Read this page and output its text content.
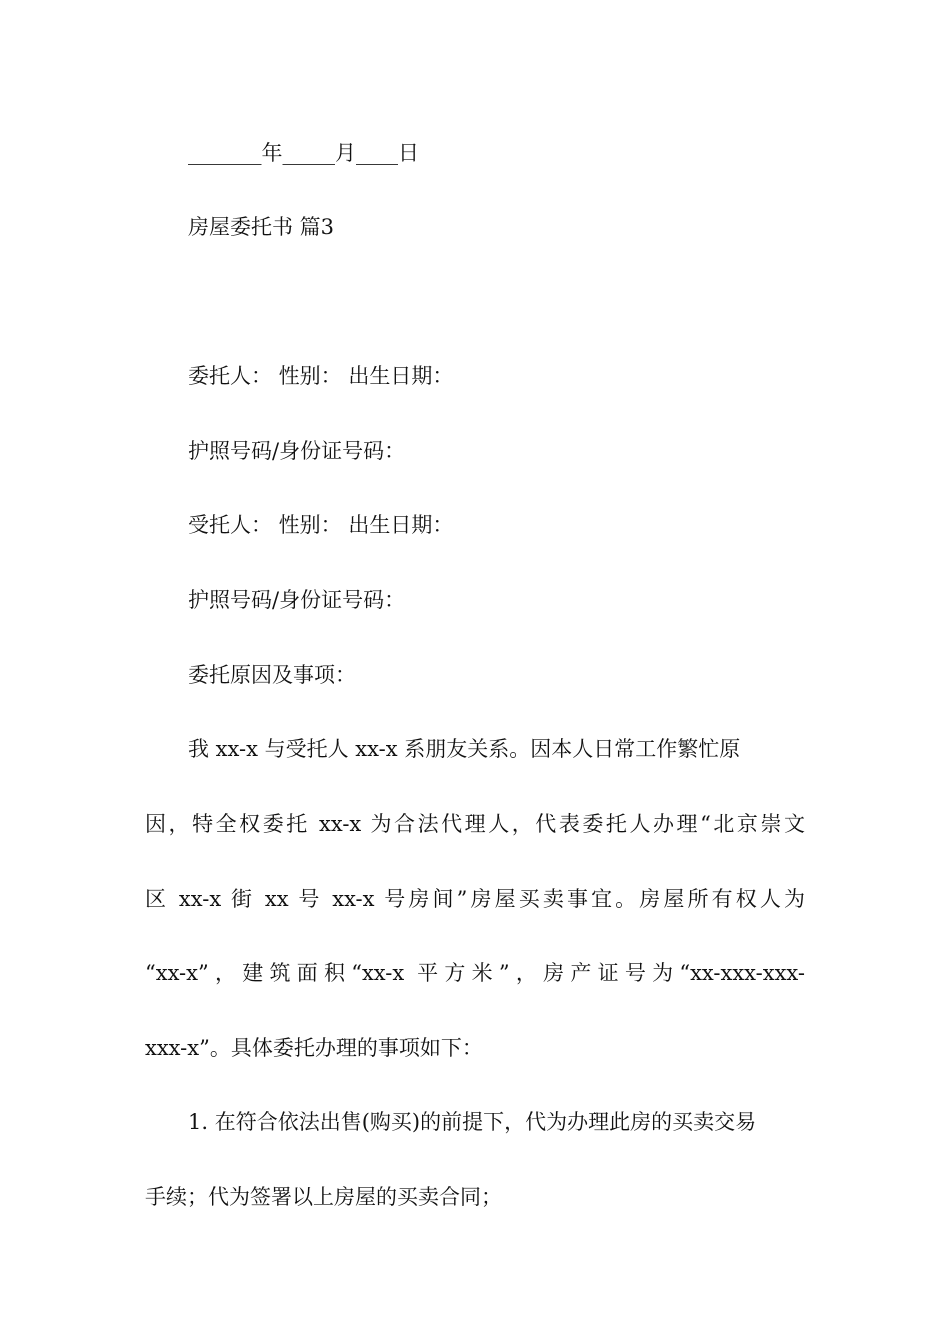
_______年_____月____日
房屋委托书 篇3
委托人： 性别： 出生日期：
护照号码/身份证号码：
受托人： 性别： 出生日期：
护照号码/身份证号码：
委托原因及事项：
我 xx-x 与受托人 xx-x 系朋友关系。因本人日常工作繁忙原
因，特全权委托 xx-x 为合法代理人，代表委托人办理“北京崇文
区 xx-x 街 xx 号 xx-x 号房间”房屋买卖事宜。房屋所有权人为
“xx-x”，建筑面积“xx-x 平方米”，房产证号为“xx-xxx-xxx-
xxx-x”。具体委托办理的事项如下：
1. 在符合依法出售(购买)的前提下，代为办理此房的买卖交易
手续；代为签署以上房屋的买卖合同；
